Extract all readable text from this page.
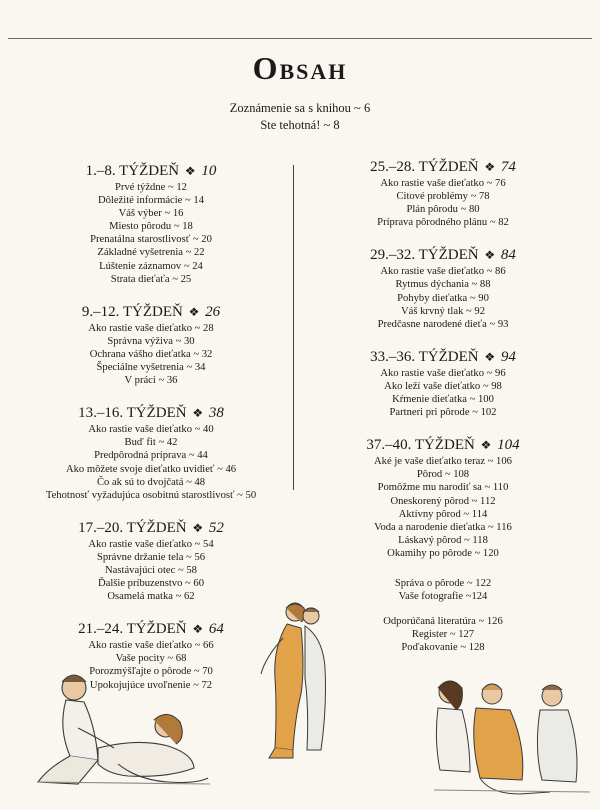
Obsah
Zoznámenie sa s knihou ~ 6
Ste tehotná! ~ 8
1.–8. TÝŽDEŇ ❖ 10
Prvé týždne ~ 12
Dôležité informácie ~ 14
Váš výber ~ 16
Miesto pôrodu ~ 18
Prenatálna starostlivosť ~ 20
Základné vyšetrenia ~ 22
Lúštenie záznamov ~ 24
Strata dieťaťa ~ 25
9.–12. TÝŽDEŇ ❖ 26
Ako rastie vaše dieťatko ~ 28
Správna výživa ~ 30
Ochrana vášho dieťatka ~ 32
Špeciálne vyšetrenia ~ 34
V práci ~ 36
13.–16. TÝŽDEŇ ❖ 38
Ako rastie vaše dieťatko ~ 40
Buď fit ~ 42
Predpôrodná príprava ~ 44
Ako môžete svoje dieťatko uvidieť ~ 46
Čo ak sú to dvojčatá ~ 48
Tehotnosť vyžadujúca osobitnú starostlivosť ~ 50
17.–20. TÝŽDEŇ ❖ 52
Ako rastie vaše dieťatko ~ 54
Správne držanie tela ~ 56
Nastávajúci otec ~ 58
Ďalšie príbuzenstvo ~ 60
Osamelá matka ~ 62
21.–24. TÝŽDEŇ ❖ 64
Ako rastie vaše dieťatko ~ 66
Vaše pocity ~ 68
Porozmýšľajte o pôrode ~ 70
Upokojujúce uvoľnenie ~ 72
25.–28. TÝŽDEŇ ❖ 74
Ako rastie vaše dieťatko ~ 76
Citové problémy ~ 78
Plán pôrodu ~ 80
Príprava pôrodného plánu ~ 82
29.–32. TÝŽDEŇ ❖ 84
Ako rastie vaše dieťatko ~ 86
Rytmus dýchania ~ 88
Pohyby dieťatka ~ 90
Váš krvný tlak ~ 92
Predčasne narodené dieťa ~ 93
33.–36. TÝŽDEŇ ❖ 94
Ako rastie vaše dieťatko ~ 96
Ako leží vaše dieťatko ~ 98
Kŕmenie dieťatka ~ 100
Partneri pri pôrode ~ 102
37.–40. TÝŽDEŇ ❖ 104
Aké je vaše dieťatko teraz ~ 106
Pôrod ~ 108
Pomôžme mu narodiť sa ~ 110
Oneskorený pôrod ~ 112
Aktívny pôrod ~ 114
Voda a narodenie dieťatka ~ 116
Láskavý pôrod ~ 118
Okamihy po pôrode ~ 120
Správa o pôrode ~ 122
Vaše fotografie ~124
Odporúčaná literatúra ~ 126
Register ~ 127
Poďakovanie ~ 128
